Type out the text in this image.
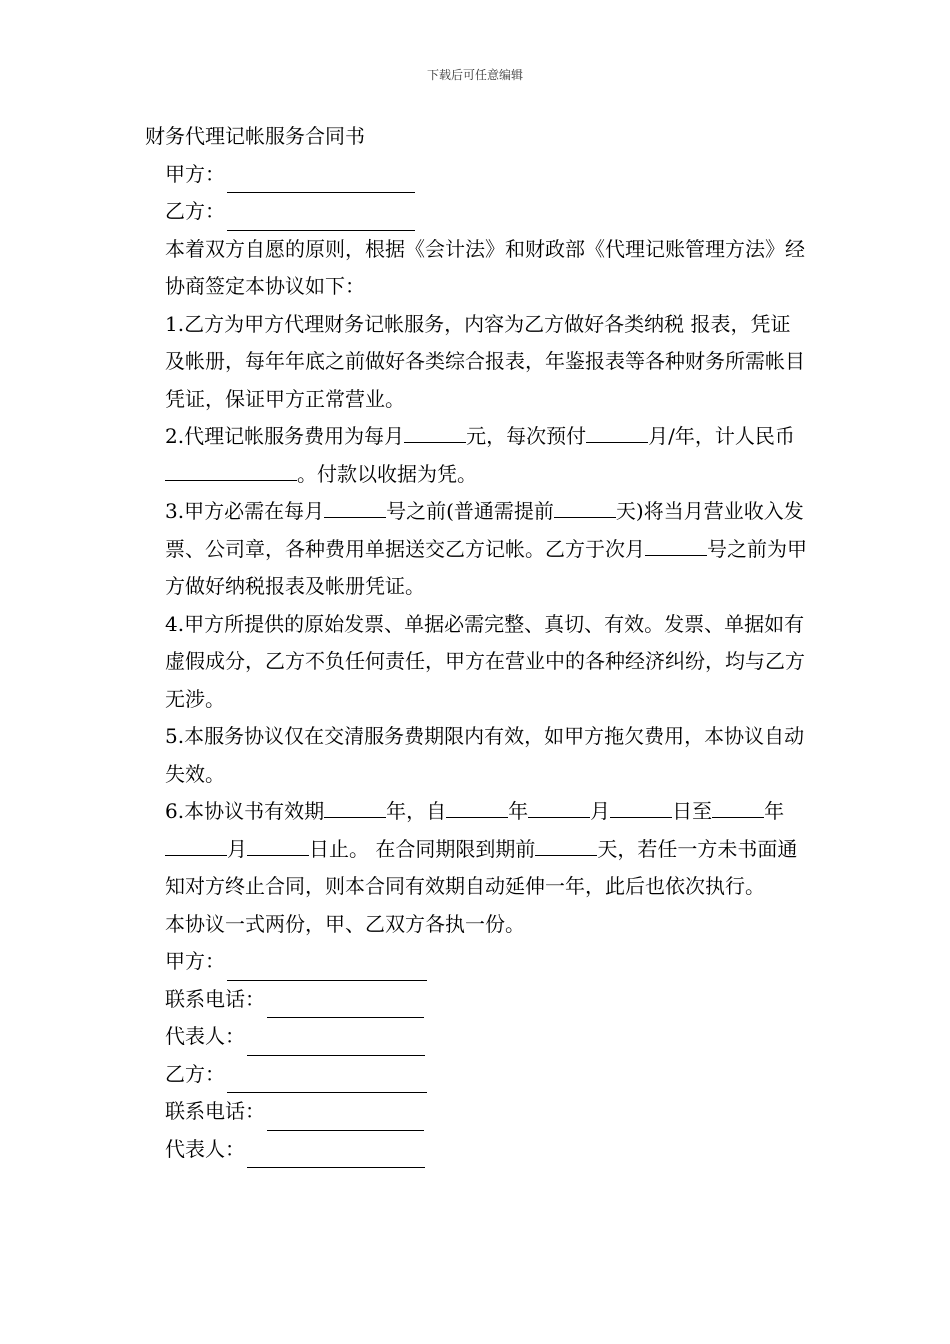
下载后可任意编辑

财务代理记帐服务合同书

甲方：
乙方：

本着双方自愿的原则，根据《会计法》和财政部《代理记账管理方法》经协商签定本协议如下：

1.乙方为甲方代理财务记帐服务，内容为乙方做好各类纳税 报表，凭证及帐册，每年年底之前做好各类综合报表，年鉴报表等各种财务所需帐目凭证，保证甲方正常营业。

2.代理记帐服务费用为每月	元，每次预付	月/年，计人民币。付款以收据为凭。

3.甲方必需在每月	号之前(普通需提前	天)将当月营业收入发票、公司章，各种费用单据送交乙方记帐。乙方于次月	号之前为甲方做好纳税报表及帐册凭证。

4.甲方所提供的原始发票、单据必需完整、真切、有效。发票、单据如有虚假成分，乙方不负任何责任，甲方在营业中的各种经济纠纷，均与乙方无涉。

5.本服务协议仅在交清服务费期限内有效，如甲方拖欠费用，本协议自动失效。

6.本协议书有效期	年，自	年	月	日至	年月	日止。 在合同期限到期前	天，若任一方未书面通知对方终止合同，则本合同有效期自动延伸一年，此后也依次执行。

本协议一式两份，甲、乙双方各执一份。

甲方：
联系电话：
代表人：
乙方：
联系电话：
代表人：
